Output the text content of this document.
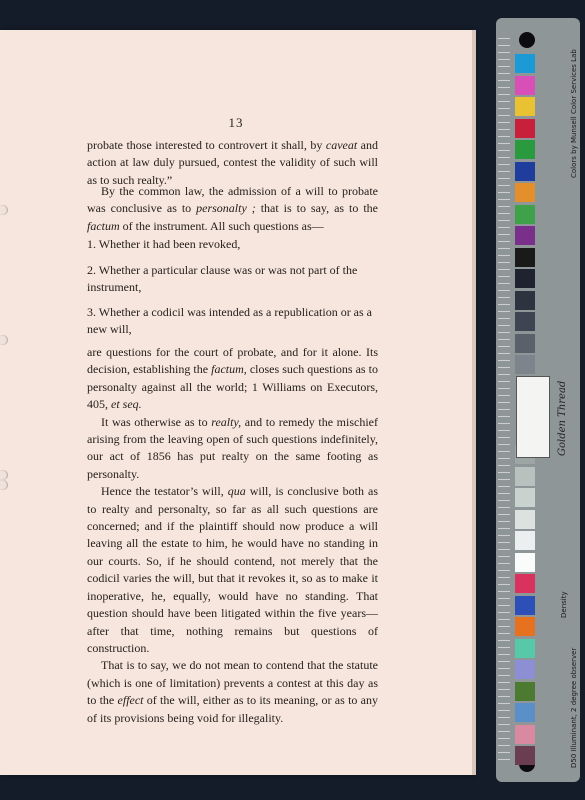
13

probate those interested to controvert it shall, by caveat and action at law duly pursued, contest the validity of such will as to such realty.”

By the common law, the admission of a will to probate was conclusive as to personalty ; that is to say, as to the factum of the instrument. All such questions as—

1. Whether it had been revoked,
2. Whether a particular clause was or was not part of the instrument,
3. Whether a codicil was intended as a republication or as a new will,

are questions for the court of probate, and for it alone. Its decision, establishing the factum, closes such questions as to personalty against all the world; 1 Williams on Executors, 405, et seq.

It was otherwise as to realty, and to remedy the mischief arising from the leaving open of such questions indefinitely, our act of 1856 has put realty on the same footing as personalty.

Hence the testator’s will, qua will, is conclusive both as to realty and personalty, so far as all such questions are concerned; and if the plaintiff should now produce a will leaving all the estate to him, he would have no standing in our courts. So, if he should contend, not merely that the codicil varies the will, but that it revokes it, so as to make it inoperative, he, equally, would have no standing. That question should have been litigated within the five years—after that time, nothing remains but questions of construction.

That is to say, we do not mean to contend that the statute (which is one of limitation) prevents a contest at this day as to the effect of the will, either as to its meaning, or as to any of its provisions being void for illegality.

Golden Thread
Colors by Munsell Color Services Lab
D50 Illuminant, 2 degree observer
Density
